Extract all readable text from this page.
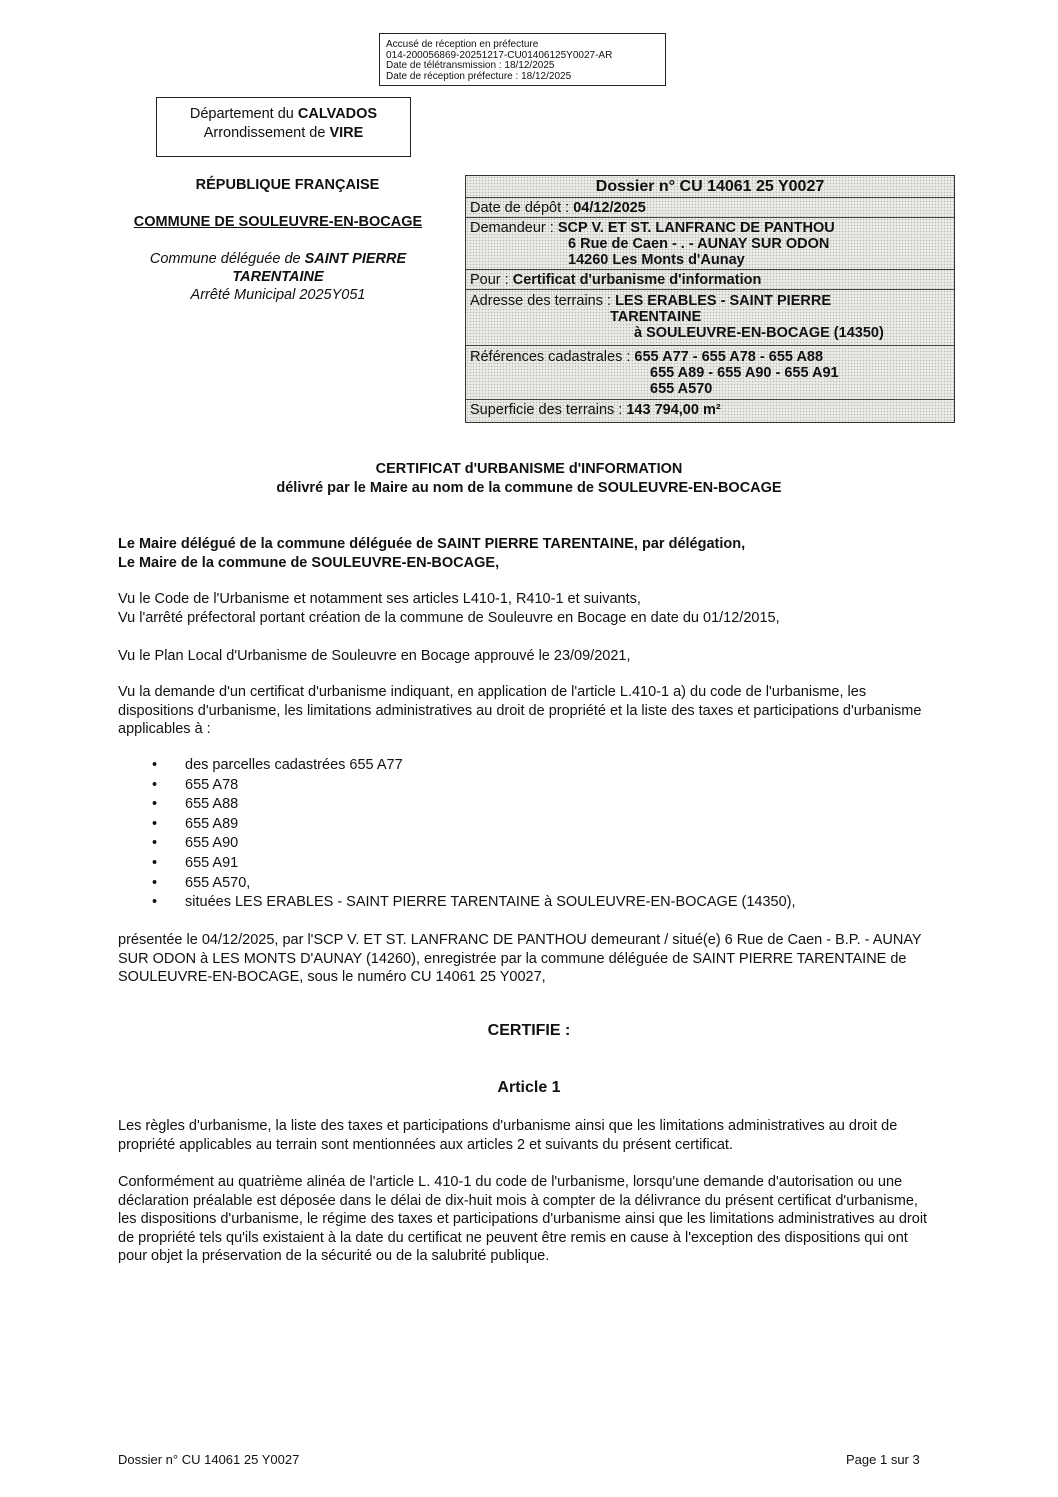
Accusé de réception en préfecture
014-200056869-20251217-CU01406125Y0027-AR
Date de télétransmission : 18/12/2025
Date de réception préfecture : 18/12/2025
Département du CALVADOS
Arrondissement de VIRE
RÉPUBLIQUE FRANÇAISE
COMMUNE DE SOULEUVRE-EN-BOCAGE
Commune déléguée de SAINT PIERRE
TARENTAINE
Arrêté Municipal 2025Y051
Dossier n° CU 14061 25 Y0027
Date de dépôt : 04/12/2025
Demandeur : SCP V. ET ST. LANFRANC DE PANTHOU
6 Rue de Caen - . - AUNAY SUR ODON
14260 Les Monts d'Aunay
Pour : Certificat d'urbanisme d'information
Adresse des terrains : LES ERABLES - SAINT PIERRE
TARENTAINE
à SOULEUVRE-EN-BOCAGE (14350)
Références cadastrales : 655 A77 - 655 A78 - 655 A88
655 A89 - 655 A90 - 655 A91
655 A570
Superficie des terrains : 143 794,00 m²
CERTIFICAT d'URBANISME d'INFORMATION
délivré par le Maire au nom de la commune de SOULEUVRE-EN-BOCAGE
Le Maire délégué de la commune déléguée de SAINT PIERRE TARENTAINE, par délégation,
Le Maire de la commune de SOULEUVRE-EN-BOCAGE,
Vu le Code de l'Urbanisme et notamment ses articles L410-1, R410-1 et suivants,
Vu l'arrêté préfectoral portant création de la commune de Souleuvre en Bocage en date du 01/12/2015,
Vu le Plan Local d'Urbanisme de Souleuvre en Bocage approuvé le 23/09/2021,
Vu la demande d'un certificat d'urbanisme indiquant, en application de l'article L.410-1 a) du code de l'urbanisme, les dispositions d'urbanisme, les limitations administratives au droit de propriété et la liste des taxes et participations d'urbanisme applicables à :
• des parcelles cadastrées 655 A77
• 655 A78
• 655 A88
• 655 A89
• 655 A90
• 655 A91
• 655 A570,
• situées LES ERABLES - SAINT PIERRE TARENTAINE à SOULEUVRE-EN-BOCAGE (14350),
présentée le 04/12/2025, par l'SCP V. ET ST. LANFRANC DE PANTHOU demeurant / situé(e) 6 Rue de Caen - B.P. - AUNAY SUR ODON à LES MONTS D'AUNAY (14260), enregistrée par la commune déléguée de SAINT PIERRE TARENTAINE de SOULEUVRE-EN-BOCAGE, sous le numéro CU 14061 25 Y0027,
CERTIFIE :
Article 1
Les règles d'urbanisme, la liste des taxes et participations d'urbanisme ainsi que les limitations administratives au droit de propriété applicables au terrain sont mentionnées aux articles 2 et suivants du présent certificat.
Conformément au quatrième alinéa de l'article L. 410-1 du code de l'urbanisme, lorsqu'une demande d'autorisation ou une déclaration préalable est déposée dans le délai de dix-huit mois à compter de la délivrance du présent certificat d'urbanisme, les dispositions d'urbanisme, le régime des taxes et participations d'urbanisme ainsi que les limitations administratives au droit de propriété tels qu'ils existaient à la date du certificat ne peuvent être remis en cause à l'exception des dispositions qui ont pour objet la préservation de la sécurité ou de la salubrité publique.
Dossier n° CU 14061 25 Y0027	Page 1 sur 3
